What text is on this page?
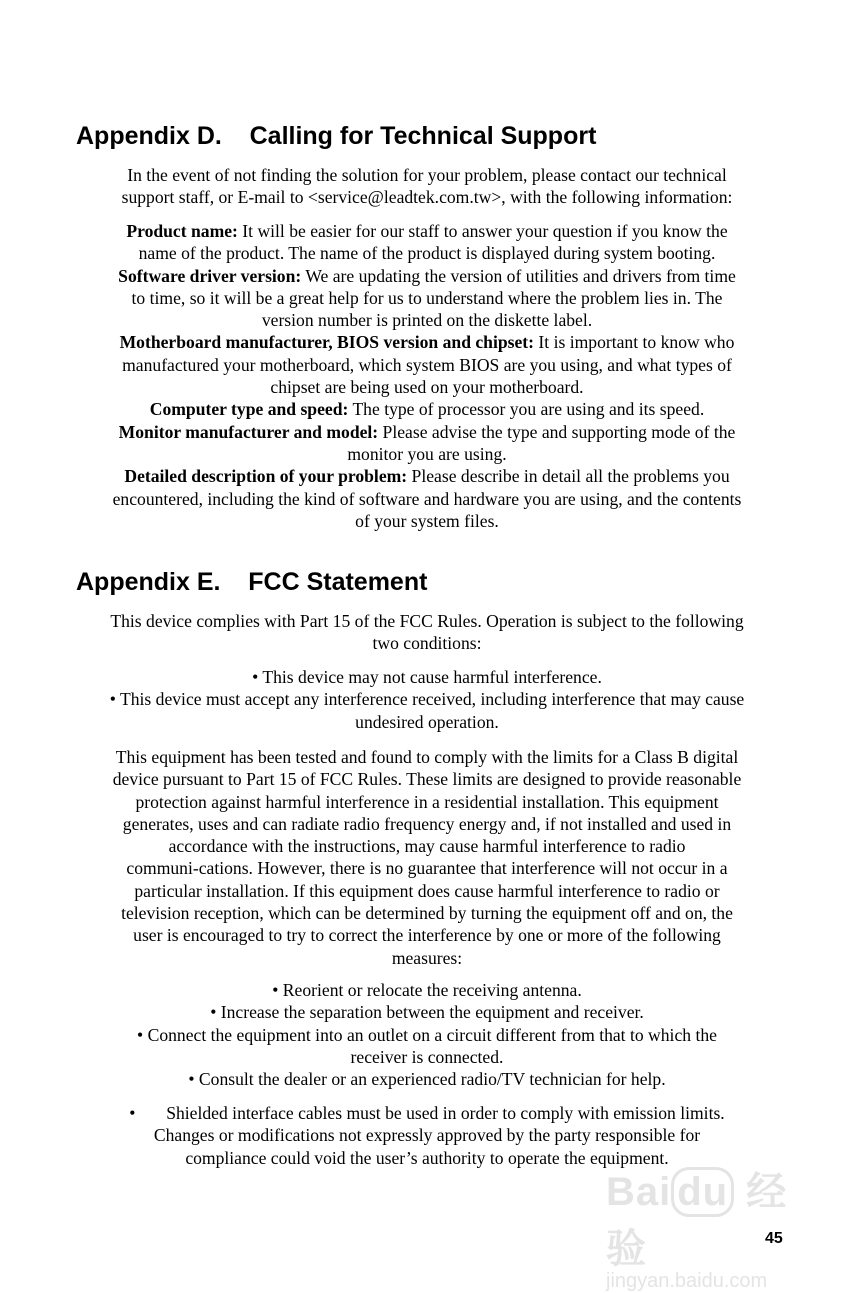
Appendix D.    Calling for Technical Support
In the event of not finding the solution for your problem, please contact our technical
support staff, or E-mail to <service@leadtek.com.tw>, with the following information:
Product name: It will be easier for our staff to answer your question if you know the
name of the product. The name of the product is displayed during system booting.
Software driver version: We are updating the version of utilities and drivers from time
to time, so it will be a great help for us to understand where the problem lies in. The
version number is printed on the diskette label.
Motherboard manufacturer, BIOS version and chipset: It is important to know who
manufactured your motherboard, which system BIOS are you using, and what types of
chipset are being used on your motherboard.
Computer type and speed: The type of processor you are using and its speed.
Monitor manufacturer and model: Please advise the type and supporting mode of the
monitor you are using.
Detailed description of your problem: Please describe in detail all the problems you
encountered, including the kind of software and hardware you are using, and the contents
of your system files.
Appendix E.    FCC Statement
This device complies with Part 15 of the FCC Rules. Operation is subject to the following
two conditions:
• This device may not cause harmful interference.
• This device must accept any interference received, including interference that may cause
undesired operation.
This equipment has been tested and found to comply with the limits for a Class B digital
device pursuant to Part 15 of FCC Rules. These limits are designed to provide reasonable
protection against harmful interference in a residential installation. This equipment
generates, uses and can radiate radio frequency energy and, if not installed and used in
accordance with the instructions, may cause harmful interference to radio
communi-cations. However, there is no guarantee that interference will not occur in a
particular installation. If this equipment does cause harmful interference to radio or
television reception, which can be determined by turning the equipment off and on, the
user is encouraged to try to correct the interference by one or more of the following
measures:
• Reorient or relocate the receiving antenna.
• Increase the separation between the equipment and receiver.
• Connect the equipment into an outlet on a circuit different from that to which the
receiver is connected.
• Consult the dealer or an experienced radio/TV technician for help.
•       Shielded interface cables must be used in order to comply with emission limits.
Changes or modifications not expressly approved by the party responsible for
compliance could void the user’s authority to operate the equipment.
Bai du 经验
jingyan.baidu.com
45
